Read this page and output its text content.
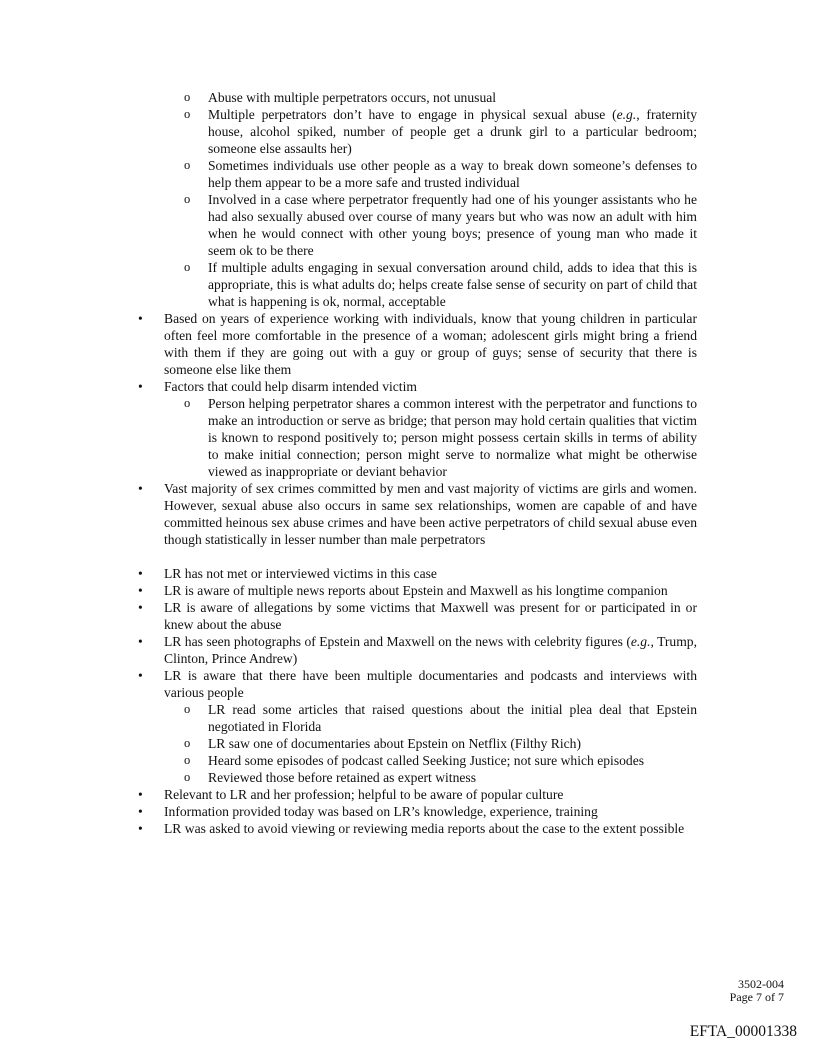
o Abuse with multiple perpetrators occurs, not unusual
o Multiple perpetrators don’t have to engage in physical sexual abuse (e.g., fraternity house, alcohol spiked, number of people get a drunk girl to a particular bedroom; someone else assaults her)
o Sometimes individuals use other people as a way to break down someone’s defenses to help them appear to be a more safe and trusted individual
o Involved in a case where perpetrator frequently had one of his younger assistants who he had also sexually abused over course of many years but who was now an adult with him when he would connect with other young boys; presence of young man who made it seem ok to be there
o If multiple adults engaging in sexual conversation around child, adds to idea that this is appropriate, this is what adults do; helps create false sense of security on part of child that what is happening is ok, normal, acceptable
• Based on years of experience working with individuals, know that young children in particular often feel more comfortable in the presence of a woman; adolescent girls might bring a friend with them if they are going out with a guy or group of guys; sense of security that there is someone else like them
• Factors that could help disarm intended victim
o Person helping perpetrator shares a common interest with the perpetrator and functions to make an introduction or serve as bridge; that person may hold certain qualities that victim is known to respond positively to; person might possess certain skills in terms of ability to make initial connection; person might serve to normalize what might be otherwise viewed as inappropriate or deviant behavior
• Vast majority of sex crimes committed by men and vast majority of victims are girls and women. However, sexual abuse also occurs in same sex relationships, women are capable of and have committed heinous sex abuse crimes and have been active perpetrators of child sexual abuse even though statistically in lesser number than male perpetrators
• LR has not met or interviewed victims in this case
• LR is aware of multiple news reports about Epstein and Maxwell as his longtime companion
• LR is aware of allegations by some victims that Maxwell was present for or participated in or knew about the abuse
• LR has seen photographs of Epstein and Maxwell on the news with celebrity figures (e.g., Trump, Clinton, Prince Andrew)
• LR is aware that there have been multiple documentaries and podcasts and interviews with various people
o LR read some articles that raised questions about the initial plea deal that Epstein negotiated in Florida
o LR saw one of documentaries about Epstein on Netflix (Filthy Rich)
o Heard some episodes of podcast called Seeking Justice; not sure which episodes
o Reviewed those before retained as expert witness
• Relevant to LR and her profession; helpful to be aware of popular culture
• Information provided today was based on LR’s knowledge, experience, training
• LR was asked to avoid viewing or reviewing media reports about the case to the extent possible
3502-004
Page 7 of 7
EFTA_00001338
